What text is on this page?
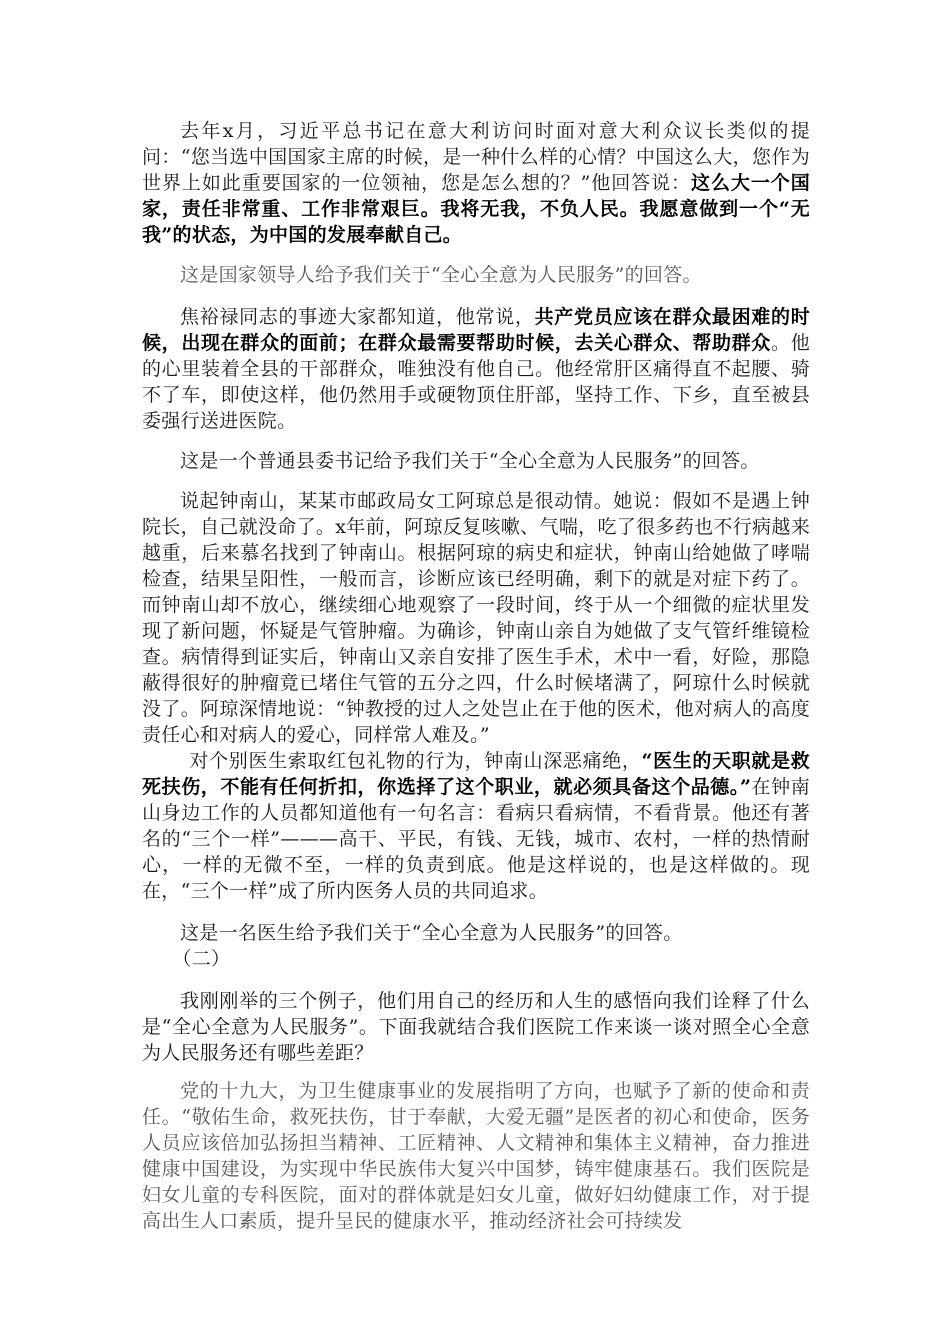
去年x月，习近平总书记在意大利访问时面对意大利众议长类似的提问：“您当选中国国家主席的时候，是一种什么样的心情？中国这么大，您作为世界上如此重要国家的一位领袖，您是怎么想的？”他回答说：这么大一个国家，责任非常重、工作非常艰巨。我将无我，不负人民。我愿意做到一个“无我”的状态，为中国的发展奉献自己。

这是国家领导人给予我们关于“全心全意为人民服务”的回答。

焦裕禄同志的事迹大家都知道，他常说，共产党员应该在群众最困难的时候，出现在群众的面前；在群众最需要帮助时候，去关心群众、帮助群众。他的心里装着全县的干部群众，唯独没有他自己。他经常肝区痛得直不起腰、骑不了车，即使这样，他仍然用手或硬物顶住肝部，坚持工作、下乡，直至被县委强行送进医院。

这是一个普通县委书记给予我们关于“全心全意为人民服务”的回答。

说起钟南山，某某市邮政局女工阿琼总是很动情。她说：假如不是遇上钟院长，自己就没命了。x年前，阿琼反复咳嗽、气喘，吃了很多药也不行病越来越重，后来慕名找到了钟南山。根据阿琼的病史和症状，钟南山给她做了哮喘检查，结果呈阳性，一般而言，诊断应该已经明确，剩下的就是对症下药了。而钟南山却不放心，继续细心地观察了一段时间，终于从一个细微的症状里发现了新问题，怀疑是气管肿瘤。为确诊，钟南山亲自为她做了支气管纤维镜检查。病情得到证实后，钟南山又亲自安排了医生手术，术中一看，好险，那隐蔽得很好的肿瘤竟已堵住气管的五分之四，什么时候堵满了，阿琼什么时候就没了。阿琼深情地说：“钟教授的过人之处岂止在于他的医术，他对病人的高度责任心和对病人的爱心，同样常人难及。”

对个别医生索取红包礼物的行为，钟南山深恶痛绝，“医生的天职就是救死扶伤，不能有任何折扣，你选择了这个职业，就必须具备这个品德。”在钟南山身边工作的人员都知道他有一句名言：看病只看病情，不看背景。他还有著名的“三个一样”———高干、平民，有钱、无钱，城市、农村，一样的热情耐心，一样的无微不至，一样的负责到底。他是这样说的，也是这样做的。现在，“三个一样”成了所内医务人员的共同追求。

这是一名医生给予我们关于“全心全意为人民服务”的回答。

（二）

我刚刚举的三个例子，他们用自己的经历和人生的感悟向我们诠释了什么是“全心全意为人民服务”。下面我就结合我们医院工作来谈一谈对照全心全意为人民服务还有哪些差距？

党的十九大，为卫生健康事业的发展指明了方向，也赋予了新的使命和责任。“敬佑生命，救死扶伤，甘于奉献，大爱无疆”是医者的初心和使命，医务人员应该倍加弘扬担当精神、工匠精神、人文精神和集体主义精神，奋力推进健康中国建设，为实现中华民族伟大复兴中国梦，铸牢健康基石。我们医院是妇女儿童的专科医院，面对的群体就是妇女儿童，做好妇幼健康工作，对于提高出生人口素质，提升呈民的健康水平，推动经济社会可持续发
